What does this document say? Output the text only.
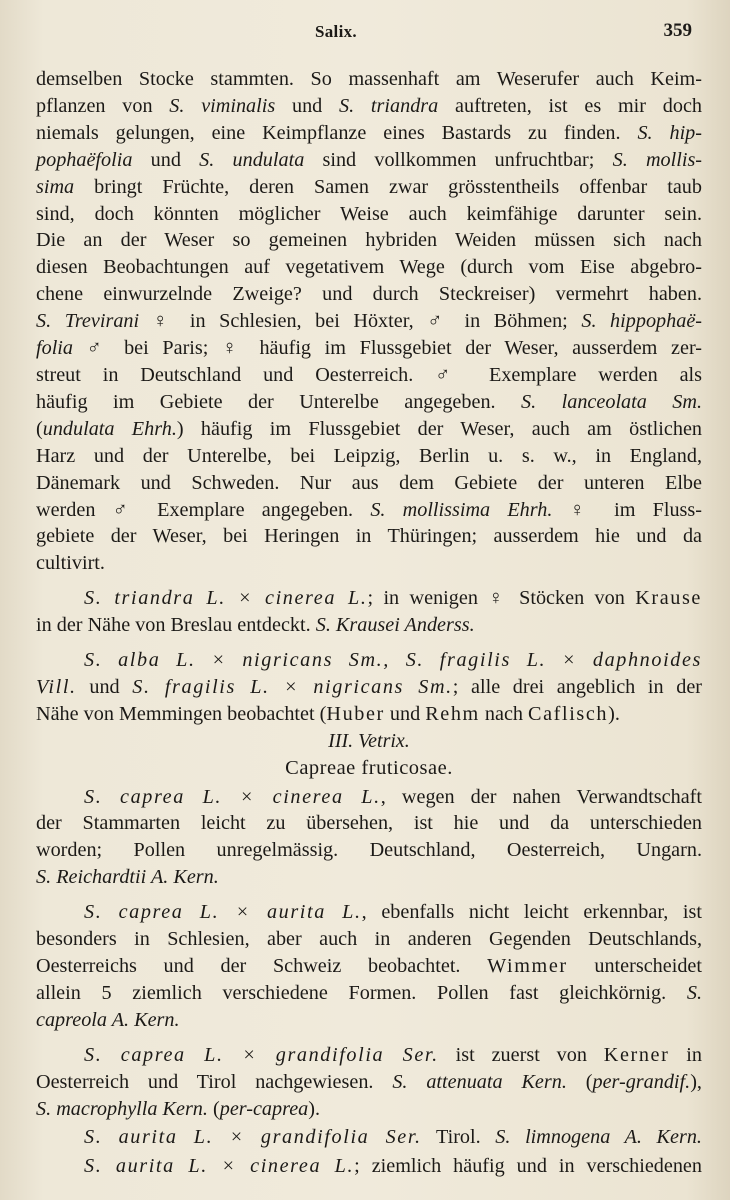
Salix.	359

demselben Stocke stammten. So massenhaft am Weserufer auch Keim-
pflanzen von S. viminalis und S. triandra auftreten, ist es mir doch
niemals gelungen, eine Keimpflanze eines Bastards zu finden. S. hip-
pophaëfolia und S. undulata sind vollkommen unfruchtbar; S. mollis-
sima bringt Früchte, deren Samen zwar grösstentheils offenbar taub
sind, doch könnten möglicher Weise auch keimfähige darunter sein.
Die an der Weser so gemeinen hybriden Weiden müssen sich nach
diesen Beobachtungen auf vegetativem Wege (durch vom Eise abgebro-
chene einwurzelnde Zweige? und durch Steckreiser) vermehrt haben.
S. Trevirani ♀ in Schlesien, bei Höxter, ♂ in Böhmen; S. hippophaë-
folia ♂ bei Paris; ♀ häufig im Flussgebiet der Weser, ausserdem zer-
streut in Deutschland und Oesterreich. ♂ Exemplare werden als
häufig im Gebiete der Unterelbe angegeben. S. lanceolata Sm.
(undulata Ehrh.) häufig im Flussgebiet der Weser, auch am östlichen
Harz und der Unterelbe, bei Leipzig, Berlin u. s. w., in England,
Dänemark und Schweden. Nur aus dem Gebiete der unteren Elbe
werden ♂ Exemplare angegeben. S. mollissima Ehrh. ♀ im Fluss-
gebiete der Weser, bei Heringen in Thüringen; ausserdem hie und da
cultivirt.

S. triandra L. × cinerea L.; in wenigen ♀ Stöcken von Krause
in der Nähe von Breslau entdeckt. S. Krausei Anderss.

S. alba L. × nigricans Sm., S. fragilis L. × daphnoides
Vill. und S. fragilis L. × nigricans Sm.; alle drei angeblich in der
Nähe von Memmingen beobachtet (Huber und Rehm nach Caflisch).

III. Vetrix.

Capreae fruticosae.

S. caprea L. × cinerea L., wegen der nahen Verwandtschaft
der Stammarten leicht zu übersehen, ist hie und da unterschieden
worden; Pollen unregelmässig. Deutschland, Oesterreich, Ungarn.
S. Reichardtii A. Kern.

S. caprea L. × aurita L., ebenfalls nicht leicht erkennbar, ist
besonders in Schlesien, aber auch in anderen Gegenden Deutschlands,
Oesterreichs und der Schweiz beobachtet. Wimmer unterscheidet
allein 5 ziemlich verschiedene Formen. Pollen fast gleichkörnig. S.
capreola A. Kern.

S. caprea L. × grandifolia Ser. ist zuerst von Kerner in
Oesterreich und Tirol nachgewiesen. S. attenuata Kern. (per-grandif.),
S. macrophylla Kern. (per-caprea).

S. aurita L. × grandifolia Ser. Tirol. S. limnogena A. Kern.

S. aurita L. × cinerea L.; ziemlich häufig und in verschiedenen
